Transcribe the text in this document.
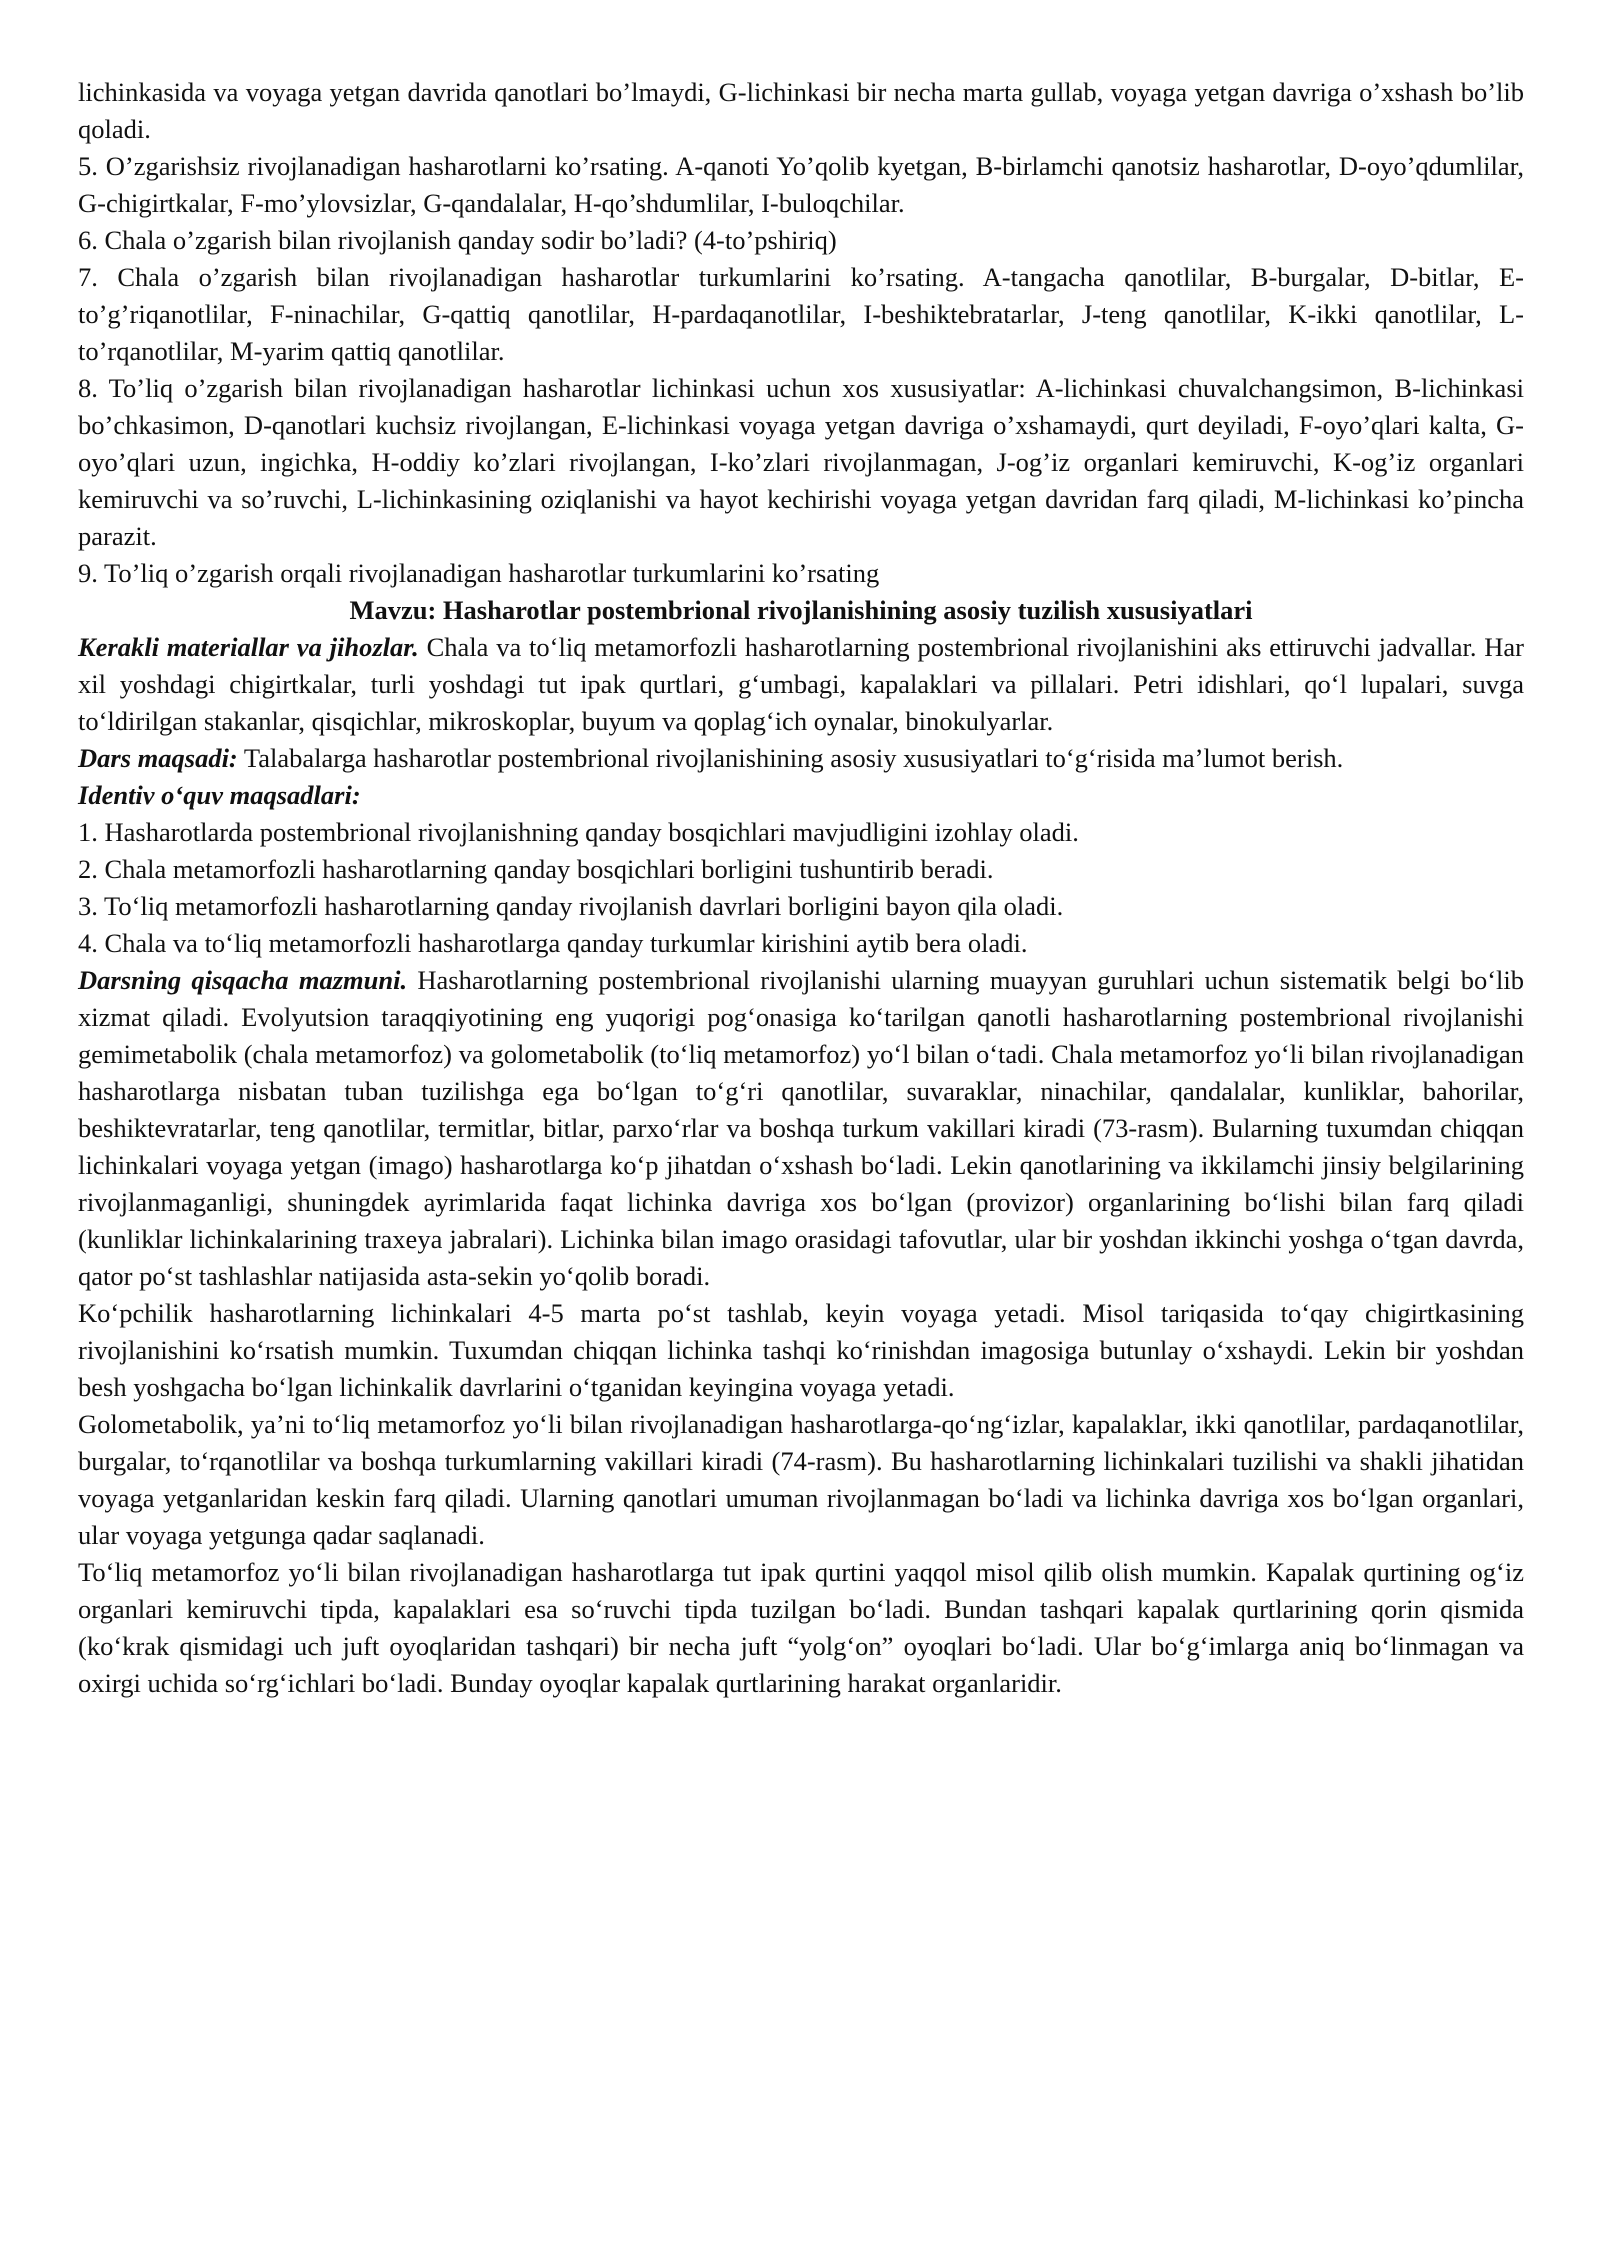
lichinkasida va voyaga yetgan davrida qanotlari bo’lmaydi, G-lichinkasi bir necha marta gullab, voyaga yetgan davriga o’xshash bo’lib qoladi.

5. O’zgarishsiz rivojlanadigan hasharotlarni ko’rsating. A-qanoti Yo’qolib kyetgan, B-birlamchi qanotsiz hasharotlar, D-oyo’qdumlilar, G-chigirtkalar, F-mo’ylovsizlar, G-qandalalar, H-qo’shdumlilar, I-buloqchilar.

6. Chala o’zgarish bilan rivojlanish qanday sodir bo’ladi? (4-to’pshiriq)

7. Chala o’zgarish bilan rivojlanadigan hasharotlar turkumlarini ko’rsating. A-tangacha qanotlilar, B-burgalar, D-bitlar, E-to’g’riqanotlilar, F-ninachilar, G-qattiq qanotlilar, H-pardaqanotlilar, I-beshiktebratarlar, J-teng qanotlilar, K-ikki qanotlilar, L-to’rqanotlilar, M-yarim qattiq qanotlilar.

8. To’liq o’zgarish bilan rivojlanadigan hasharotlar lichinkasi uchun xos xususiyatlar: A-lichinkasi chuvalchangsimon, B-lichinkasi bo’chkasimon, D-qanotlari kuchsiz rivojlangan, E-lichinkasi voyaga yetgan davriga o’xshamaydi, qurt deyiladi, F-oyo’qlari kalta, G-oyo’qlari uzun, ingichka, H-oddiy ko’zlari rivojlangan, I-ko’zlari rivojlanmagan, J-og’iz organlari kemiruvchi, K-og’iz organlari kemiruvchi va so’ruvchi, L-lichinkasining oziqlanishi va hayot kechirishi voyaga yetgan davridan farq qiladi, M-lichinkasi ko’pincha parazit.

9. To’liq o’zgarish orqali rivojlanadigan hasharotlar turkumlarini ko’rsating

Mavzu: Hasharotlar postembrional rivojlanishining asosiy tuzilish xususiyatlari

Kerakli materiallar va jihozlar. Chala va to‘liq metamorfozli hasharotlarning postembrional rivojlanishini aks ettiruvchi jadvallar. Har xil yoshdagi chigirtkalar, turli yoshdagi tut ipak qurtlari, g‘umbagi, kapalaklari va pillalari. Petri idishlari, qo‘l lupalari, suvga to‘ldirilgan stakanlar, qisqichlar, mikroskoplar, buyum va qoplag‘ich oynalar, binokulyarlar.

Dars maqsadi: Talabalarga hasharotlar postembrional rivojlanishining asosiy xususiyatlari to‘g‘risida ma’lumot berish.

Identiv o‘quv maqsadlari:

1. Hasharotlarda postembrional rivojlanishning qanday bosqichlari mavjudligini izohlay oladi.

2. Chala metamorfozli hasharotlarning qanday bosqichlari borligini tushuntirib beradi.

3. To‘liq metamorfozli hasharotlarning qanday rivojlanish davrlari borligini bayon qila oladi.

4. Chala va to‘liq metamorfozli hasharotlarga qanday turkumlar kirishini aytib bera oladi.

Darsning qisqacha mazmuni. Hasharotlarning postembrional rivojlanishi ularning muayyan guruhlari uchun sistematik belgi bo‘lib xizmat qiladi. Evolyutsion taraqqiyotining eng yuqorigi pog‘onasiga ko‘tarilgan qanotli hasharotlarning postembrional rivojlanishi gemimetabolik (chala metamorfoz) va golometabolik (to‘liq metamorfoz) yo‘l bilan o‘tadi. Chala metamorfoz yo‘li bilan rivojlanadigan hasharotlarga nisbatan tuban tuzilishga ega bo‘lgan to‘g‘ri qanotlilar, suvaraklar, ninachilar, qandalalar, kunliklar, bahorilar, beshiktevratarlar, teng qanotlilar, termitlar, bitlar, parxo‘rlar va boshqa turkum vakillari kiradi (73-rasm). Bularning tuxumdan chiqqan lichinkalari voyaga yetgan (imago) hasharotlarga ko‘p jihatdan o‘xshash bo‘ladi. Lekin qanotlarining va ikkilamchi jinsiy belgilarining rivojlanmaganligi, shuningdek ayrimlarida faqat lichinka davriga xos bo‘lgan (provizor) organlarining bo‘lishi bilan farq qiladi (kunliklar lichinkalarining traxeya jabralari). Lichinka bilan imago orasidagi tafovutlar, ular bir yoshdan ikkinchi yoshga o‘tgan davrda, qator po‘st tashlashlar natijasida asta-sekin yo‘qolib boradi.

Ko‘pchilik hasharotlarning lichinkalari 4-5 marta po‘st tashlab, keyin voyaga yetadi. Misol tariqasida to‘qay chigirtkasining rivojlanishini ko‘rsatish mumkin. Tuxumdan chiqqan lichinka tashqi ko‘rinishdan imagosiga butunlay o‘xshaydi. Lekin bir yoshdan besh yoshgacha bo‘lgan lichinkalik davrlarini o‘tganidan keyingina voyaga yetadi.

Golometabolik, ya’ni to‘liq metamorfoz yo‘li bilan rivojlanadigan hasharotlarga-qo‘ng‘izlar, kapalaklar, ikki qanotlilar, pardaqanotlilar, burgalar, to‘rqanotlilar va boshqa turkumlarning vakillari kiradi (74-rasm). Bu hasharotlarning lichinkalari tuzilishi va shakli jihatidan voyaga yetganlaridan keskin farq qiladi. Ularning qanotlari umuman rivojlanmagan bo‘ladi va lichinka davriga xos bo‘lgan organlari, ular voyaga yetgunga qadar saqlanadi.

To‘liq metamorfoz yo‘li bilan rivojlanadigan hasharotlarga tut ipak qurtini yaqqol misol qilib olish mumkin. Kapalak qurtining og‘iz organlari kemiruvchi tipda, kapalaklari esa so‘ruvchi tipda tuzilgan bo‘ladi. Bundan tashqari kapalak qurtlarining qorin qismida (ko‘krak qismidagi uch juft oyoqlaridan tashqari) bir necha juft “yolg‘on” oyoqlari bo‘ladi. Ular bo‘g‘imlarga aniq bo‘linmagan va oxirgi uchida so‘rg‘ichlari bo‘ladi. Bunday oyoqlar kapalak qurtlarining harakat organlaridir.
